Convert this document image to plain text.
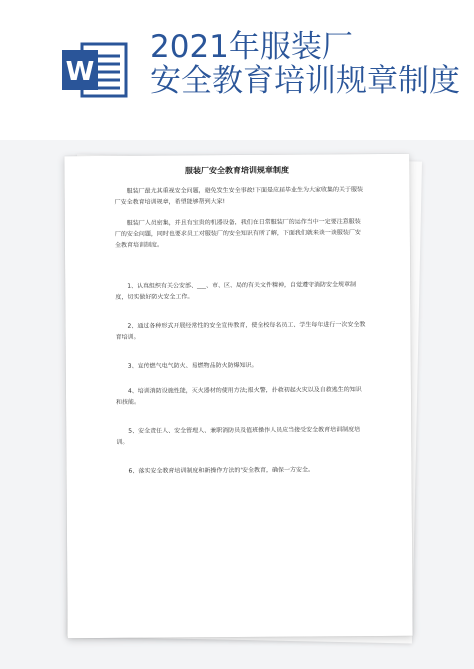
W
2021年服装厂
安全教育培训规章制度
服装厂安全教育培训规章制度
服装厂最尤其重视安全问题，避免发生安全事故!下面是应届毕业生为大家收集的关于服装厂安全教育培训规章，希望能够帮到大家!
服装厂人员密集，并且有宝贵的机器设备，我们在日常服装厂的运作当中一定要注意服装厂的安全问题，同时也要求员工对服装厂的安全知识有所了解，下面我们就来谈一谈服装厂安全教育培训制度。
1、认真组织有关公安部、___、市、区、局的有关文件精神，自觉遵守消防安全规章制度，切实做好防火安全工作。
2、通过各种形式开展经常性的安全宣传教育，使全校每名员工、学生每年进行一次安全教育培训。
3、宣传燃气电气防火、易燃物品防火防爆知识。
4、培训消防设施性能，灭火器材的使用方法;报火警，扑救初起火灾以及自救逃生的知识和技能。
5、安全责任人、安全管理人、兼职消防员及值班操作人员应当接受安全教育培训制度培训。
6、落实安全教育培训制度和新操作方法的'安全教育，确保一方安全。
